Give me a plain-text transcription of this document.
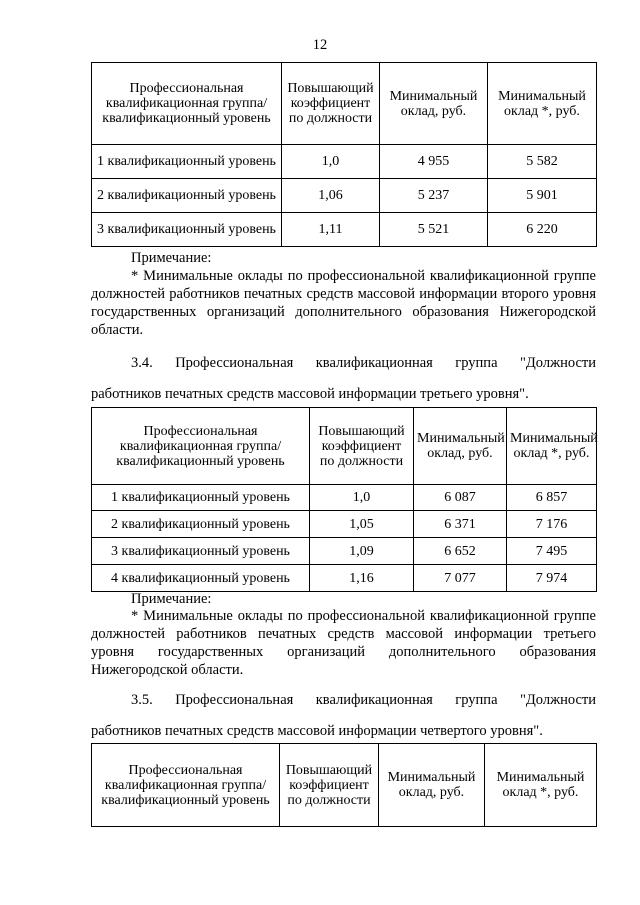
12
Профессиональная квалификационная группа/квалификационный уровень	Повышающий коэффициент по должности	Минимальный оклад, руб.	Минимальный оклад *, руб.
1 квалификационный уровень	1,0	4 955	5 582
2 квалификационный уровень	1,06	5 237	5 901
3 квалификационный уровень	1,11	5 521	6 220
Примечание:
* Минимальные оклады по профессиональной квалификационной группе должностей работников печатных средств массовой информации второго уровня государственных организаций дополнительного образования Нижегородской области.
3.4. Профессиональная квалификационная группа "Должности
работников печатных средств массовой информации третьего уровня".
Профессиональная квалификационная группа/квалификационный уровень	Повышающий коэффициент по должности	Минимальный оклад, руб.	Минимальный оклад *, руб.
1 квалификационный уровень	1,0	6 087	6 857
2 квалификационный уровень	1,05	6 371	7 176
3 квалификационный уровень	1,09	6 652	7 495
4 квалификационный уровень	1,16	7 077	7 974
Примечание:
* Минимальные оклады по профессиональной квалификационной группе должностей работников печатных средств массовой информации третьего уровня государственных организаций дополнительного образования Нижегородской области.
3.5. Профессиональная квалификационная группа "Должности
работников печатных средств массовой информации четвертого уровня".
Профессиональная квалификационная группа/квалификационный уровень	Повышающий коэффициент по должности	Минимальный оклад, руб.	Минимальный оклад *, руб.
